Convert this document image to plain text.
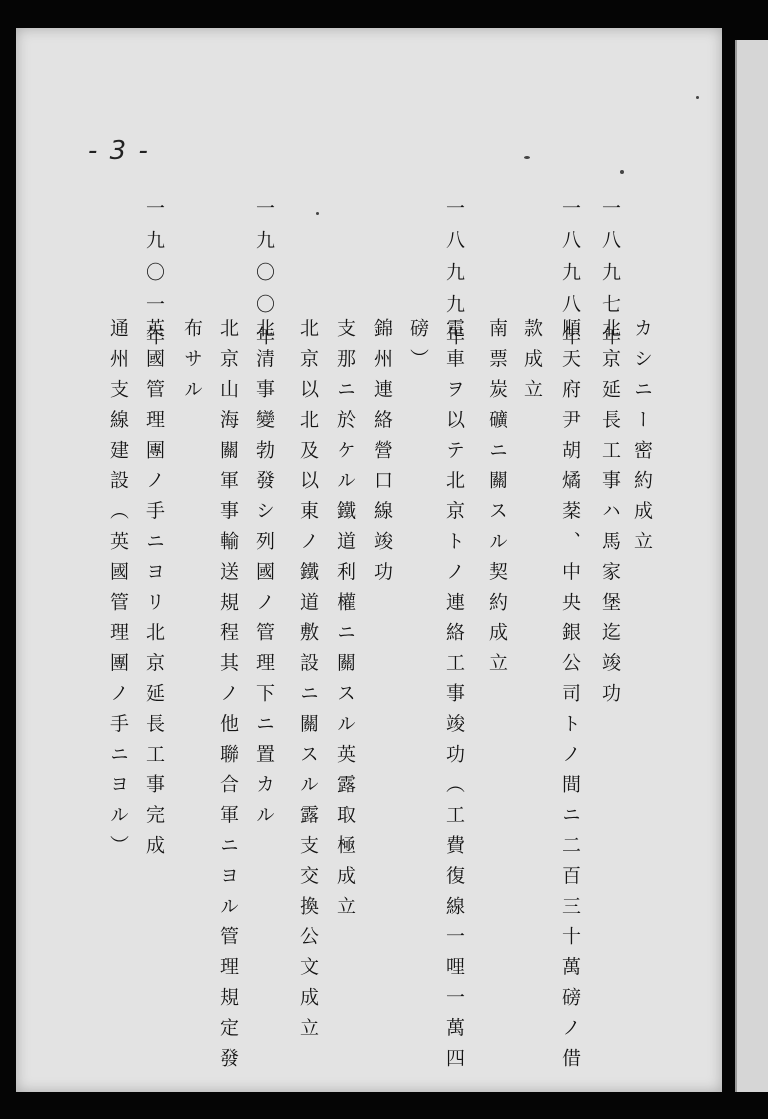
- 3 -
一八九七年
カシニー密約成立
一八九八年
北京延長工事ハ馬家堡迄竣功
順天府尹胡燏棻、中央銀公司トノ間ニ二百三十萬磅ノ借
款成立
南票炭礦ニ關スル契約成立
一八九九年
電車ヲ以テ北京トノ連絡工事竣功（工費復線一哩一萬四
磅）
錦州連絡營口線竣功
支那ニ於ケル鐵道利權ニ關スル英露取極成立
北京以北及以東ノ鐵道敷設ニ關スル露支交換公文成立
一九〇〇年
北清事變勃發シ列國ノ管理下ニ置カル
北京山海關軍事輸送規程其ノ他聯合軍ニヨル管理規定發
布サル
一九〇一年
英國管理團ノ手ニヨリ北京延長工事完成
通州支線建設（英國管理團ノ手ニヨル）
